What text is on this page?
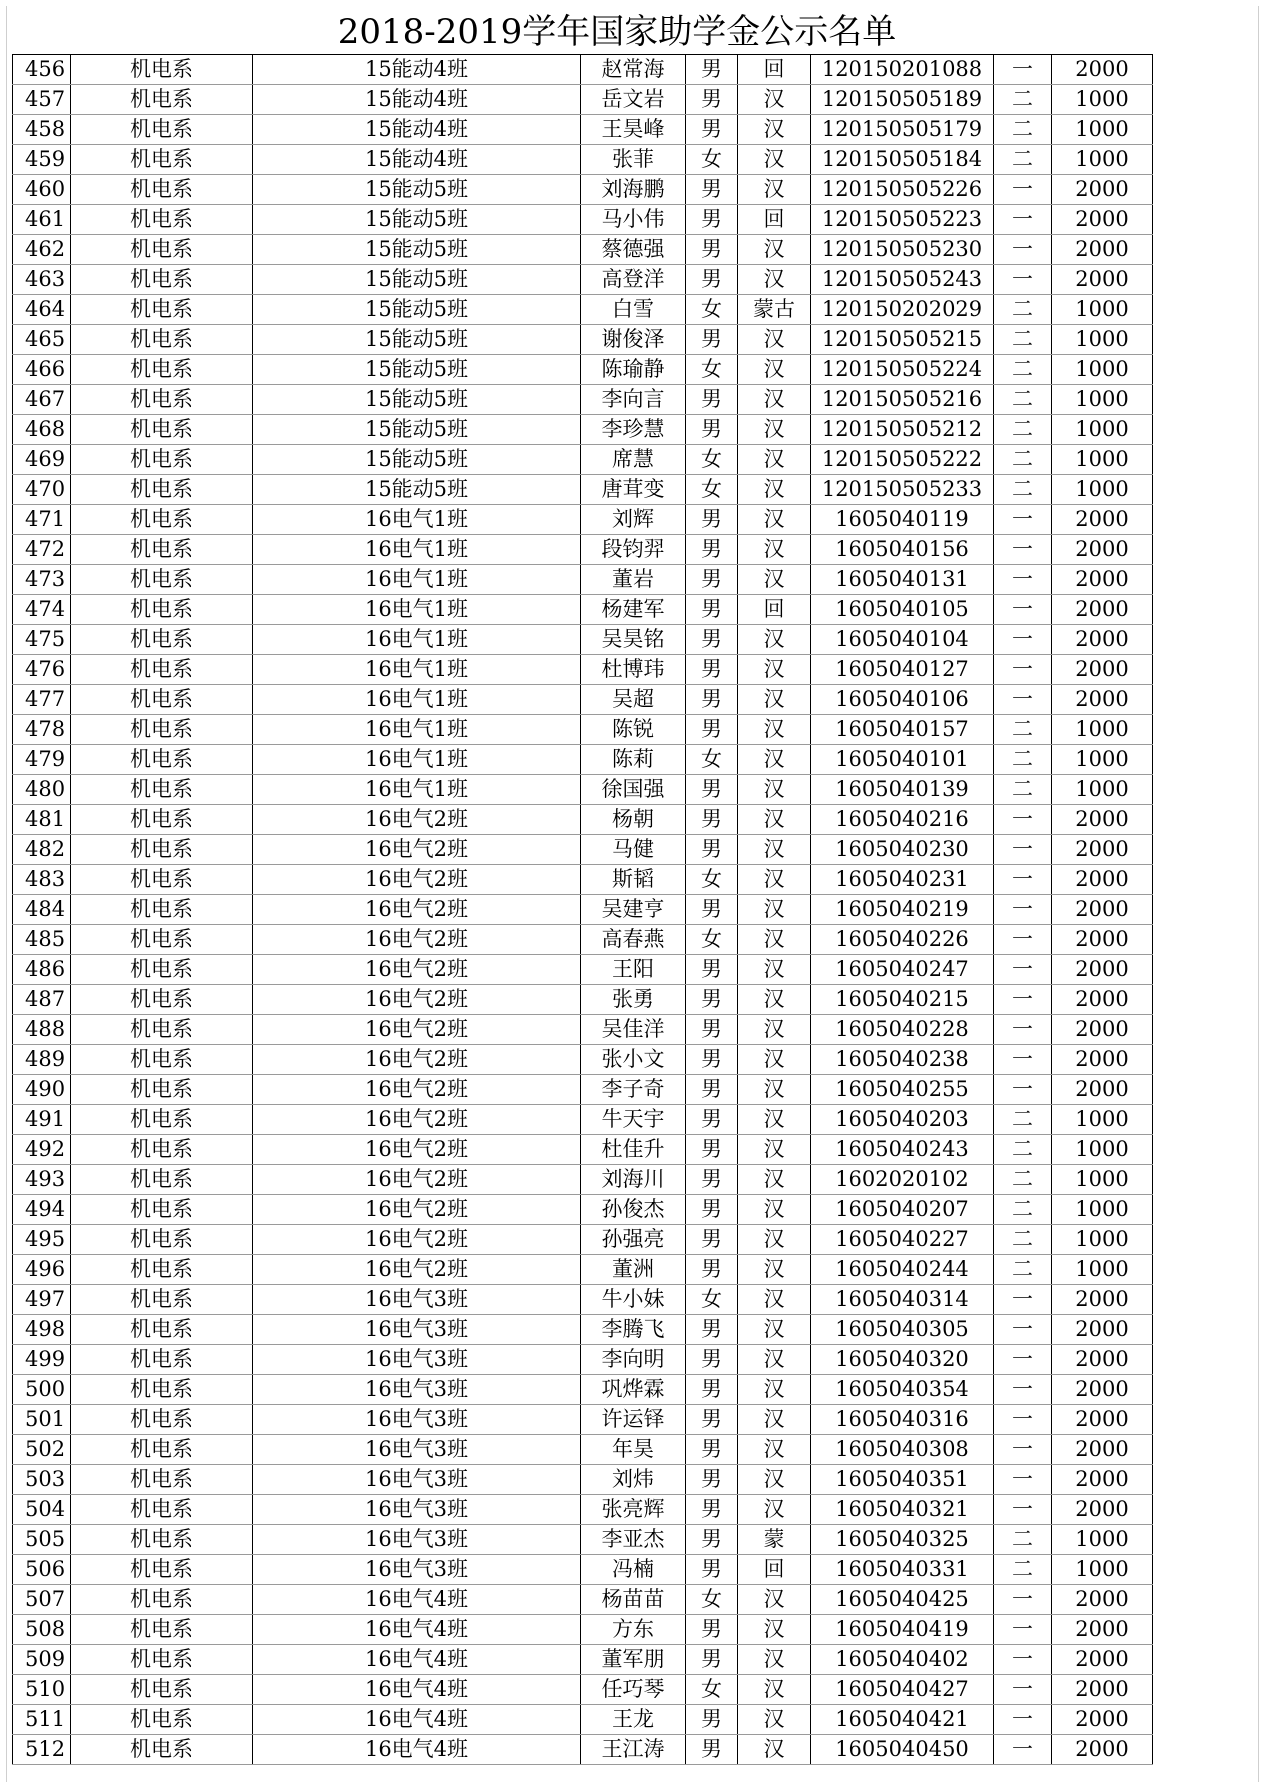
2018-2019学年国家助学金公示名单
456	机电系	15能动4班	赵常海	男	回	120150201088	一	2000
457	机电系	15能动4班	岳文岩	男	汉	120150505189	二	1000
458	机电系	15能动4班	王昊峰	男	汉	120150505179	二	1000
459	机电系	15能动4班	张菲	女	汉	120150505184	二	1000
460	机电系	15能动5班	刘海鹏	男	汉	120150505226	一	2000
461	机电系	15能动5班	马小伟	男	回	120150505223	一	2000
462	机电系	15能动5班	蔡德强	男	汉	120150505230	一	2000
463	机电系	15能动5班	高登洋	男	汉	120150505243	一	2000
464	机电系	15能动5班	白雪	女	蒙古	120150202029	二	1000
465	机电系	15能动5班	谢俊泽	男	汉	120150505215	二	1000
466	机电系	15能动5班	陈瑜静	女	汉	120150505224	二	1000
467	机电系	15能动5班	李向言	男	汉	120150505216	二	1000
468	机电系	15能动5班	李珍慧	男	汉	120150505212	二	1000
469	机电系	15能动5班	席慧	女	汉	120150505222	二	1000
470	机电系	15能动5班	唐茸变	女	汉	120150505233	二	1000
471	机电系	16电气1班	刘辉	男	汉	1605040119	一	2000
472	机电系	16电气1班	段钧羿	男	汉	1605040156	一	2000
473	机电系	16电气1班	董岩	男	汉	1605040131	一	2000
474	机电系	16电气1班	杨建军	男	回	1605040105	一	2000
475	机电系	16电气1班	吴昊铭	男	汉	1605040104	一	2000
476	机电系	16电气1班	杜博玮	男	汉	1605040127	一	2000
477	机电系	16电气1班	吴超	男	汉	1605040106	一	2000
478	机电系	16电气1班	陈锐	男	汉	1605040157	二	1000
479	机电系	16电气1班	陈莉	女	汉	1605040101	二	1000
480	机电系	16电气1班	徐国强	男	汉	1605040139	二	1000
481	机电系	16电气2班	杨朝	男	汉	1605040216	一	2000
482	机电系	16电气2班	马健	男	汉	1605040230	一	2000
483	机电系	16电气2班	斯韬	女	汉	1605040231	一	2000
484	机电系	16电气2班	吴建亨	男	汉	1605040219	一	2000
485	机电系	16电气2班	高春燕	女	汉	1605040226	一	2000
486	机电系	16电气2班	王阳	男	汉	1605040247	一	2000
487	机电系	16电气2班	张勇	男	汉	1605040215	一	2000
488	机电系	16电气2班	吴佳洋	男	汉	1605040228	一	2000
489	机电系	16电气2班	张小文	男	汉	1605040238	一	2000
490	机电系	16电气2班	李子奇	男	汉	1605040255	一	2000
491	机电系	16电气2班	牛天宇	男	汉	1605040203	二	1000
492	机电系	16电气2班	杜佳升	男	汉	1605040243	二	1000
493	机电系	16电气2班	刘海川	男	汉	1602020102	二	1000
494	机电系	16电气2班	孙俊杰	男	汉	1605040207	二	1000
495	机电系	16电气2班	孙强亮	男	汉	1605040227	二	1000
496	机电系	16电气2班	董洲	男	汉	1605040244	二	1000
497	机电系	16电气3班	牛小妹	女	汉	1605040314	一	2000
498	机电系	16电气3班	李腾飞	男	汉	1605040305	一	2000
499	机电系	16电气3班	李向明	男	汉	1605040320	一	2000
500	机电系	16电气3班	巩烨霖	男	汉	1605040354	一	2000
501	机电系	16电气3班	许运铎	男	汉	1605040316	一	2000
502	机电系	16电气3班	年昊	男	汉	1605040308	一	2000
503	机电系	16电气3班	刘炜	男	汉	1605040351	一	2000
504	机电系	16电气3班	张亮辉	男	汉	1605040321	一	2000
505	机电系	16电气3班	李亚杰	男	蒙	1605040325	二	1000
506	机电系	16电气3班	冯楠	男	回	1605040331	二	1000
507	机电系	16电气4班	杨苗苗	女	汉	1605040425	一	2000
508	机电系	16电气4班	方东	男	汉	1605040419	一	2000
509	机电系	16电气4班	董军朋	男	汉	1605040402	一	2000
510	机电系	16电气4班	任巧琴	女	汉	1605040427	一	2000
511	机电系	16电气4班	王龙	男	汉	1605040421	一	2000
512	机电系	16电气4班	王江涛	男	汉	1605040450	一	2000
